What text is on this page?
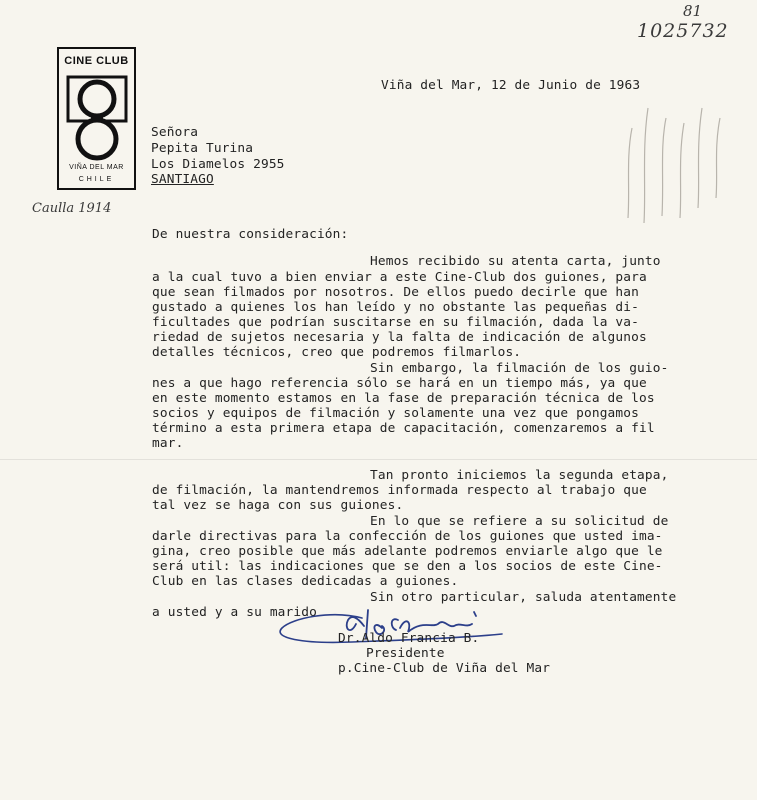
81
1025732
Caulla 1914
CINE CLUB
VIÑA DEL MAR
CHILE
Viña del Mar, 12 de Junio de 1963
Señora
Pepita Turina
Los Diamelos 2955
SANTIAGO
De nuestra consideración:
Hemos recibido su atenta carta, junto
a la cual tuvo a bien enviar a este Cine-Club dos guiones, para
que sean filmados por nosotros. De ellos puedo decirle que han
gustado a quienes los han leído y no obstante las pequeñas di-
ficultades que podrían suscitarse en su filmación, dada la va-
riedad de sujetos necesaria y la falta de indicación de algunos
detalles técnicos, creo que podremos filmarlos.
Sin embargo, la filmación de los guio-
nes a que hago referencia sólo se hará en un tiempo más, ya que
en este momento estamos en la fase de preparación técnica de los
socios y equipos de filmación y solamente una vez que pongamos
término a esta primera etapa de capacitación, comenzaremos a fil
mar.
Tan pronto iniciemos la segunda etapa,
de filmación, la mantendremos informada respecto al trabajo que
tal vez se haga con sus guiones.
En lo que se refiere a su solicitud de
darle directivas para la confección de los guiones que usted ima-
gina, creo posible que más adelante podremos enviarle algo que le
será util: las indicaciones que se den a los socios de este Cine-
Club en las clases dedicadas a guiones.
Sin otro particular, saluda atentamente
a usted y a su marido
Dr.Aldo Francia B.
Presidente
p.Cine-Club de Viña del Mar
